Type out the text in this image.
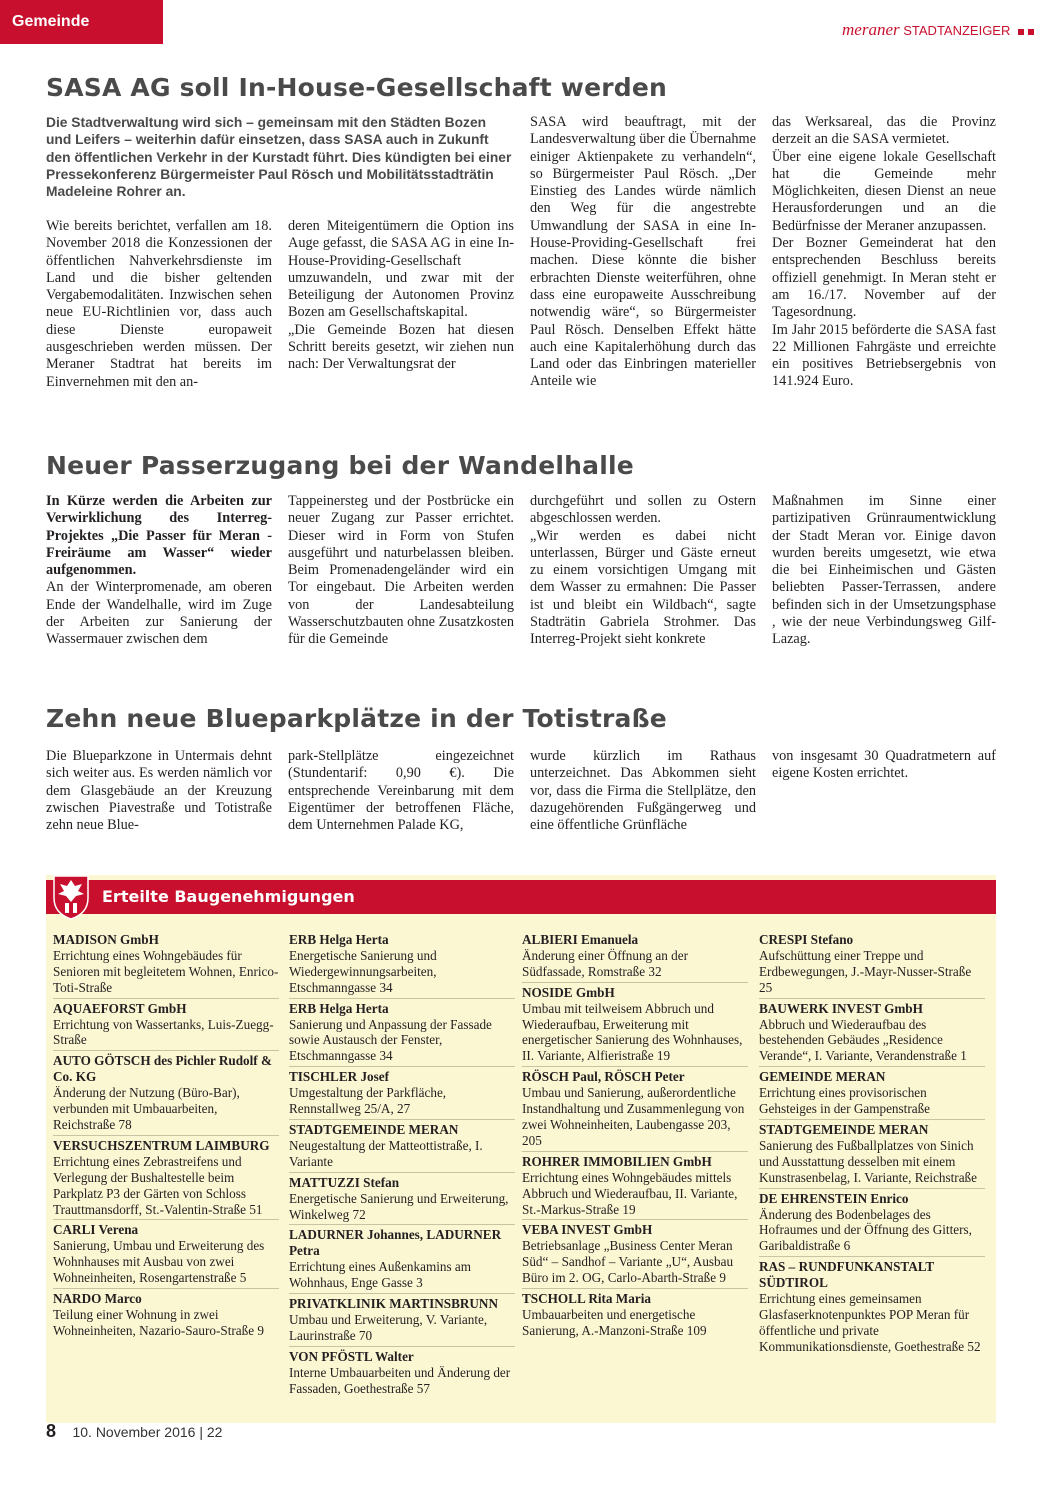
Gemeinde	meraner STADTANZEIGER
SASA AG soll In-House-Gesellschaft werden
Die Stadtverwaltung wird sich – gemeinsam mit den Städten Bozen und Leifers – weiterhin dafür einsetzen, dass SASA auch in Zukunft den öffentlichen Verkehr in der Kurstadt führt. Dies kündigten bei einer Pressekonferenz Bürgermeister Paul Rösch und Mobilitätsstadträtin Madeleine Rohrer an.

Wie bereits berichtet, verfallen am 18. November 2018 die Konzessionen der öffentlichen Nahverkehrsdienste im Land und die bisher geltenden Vergabemodalitäten. Inzwischen sehen neue EU-Richtlinien vor, dass auch diese Dienste europaweit ausgeschrieben werden müssen. Der Meraner Stadtrat hat bereits im Einvernehmen mit den an-

deren Miteigentümern die Option ins Auge gefasst, die SASA AG in eine In-House-Providing-Gesellschaft umzuwandeln, und zwar mit der Beteiligung der Autonomen Provinz Bozen am Gesellschaftskapital.

„Die Gemeinde Bozen hat diesen Schritt bereits gesetzt, wir ziehen nun nach: Der Verwaltungsrat der

SASA wird beauftragt, mit der Landesverwaltung über die Übernahme einiger Aktienpakete zu verhandeln“, so Bürgermeister Paul Rösch. „Der Einstieg des Landes würde nämlich den Weg für die angestrebte Umwandlung der SASA in eine In-House-Providing-Gesellschaft frei machen. Diese könnte die bisher erbrachten Dienste weiterführen, ohne dass eine europaweite Ausschreibung notwendig wäre“, so Bürgermeister Paul Rösch. Denselben Effekt hätte auch eine Kapitalerhöhung durch das Land oder das Einbringen materieller Anteile wie

das Werksareal, das die Provinz derzeit an die SASA vermietet.

Über eine eigene lokale Gesellschaft hat die Gemeinde mehr Möglichkeiten, diesen Dienst an neue Herausforderungen und an die Bedürfnisse der Meraner anzupassen.

Der Bozner Gemeinderat hat den entsprechenden Beschluss bereits offiziell genehmigt. In Meran steht er am 16./17. November auf der Tagesordnung.

Im Jahr 2015 beförderte die SASA fast 22 Millionen Fahrgäste und erreichte ein positives Betriebsergebnis von 141.924 Euro.

Neuer Passerzugang bei der Wandelhalle

In Kürze werden die Arbeiten zur Verwirklichung des Interreg-Projektes „Die Passer für Meran - Freiräume am Wasser“ wieder aufgenommen.

An der Winterpromenade, am oberen Ende der Wandelhalle, wird im Zuge der Arbeiten zur Sanierung der Wassermauer zwischen dem

Tappeinersteg und der Postbrücke ein neuer Zugang zur Passer errichtet. Dieser wird in Form von Stufen ausgeführt und naturbelassen bleiben. Beim Promenadengeländer wird ein Tor eingebaut. Die Arbeiten werden von der Landesabteilung Wasserschutzbauten ohne Zusatzkosten für die Gemeinde

durchgeführt und sollen zu Ostern abgeschlossen werden.

„Wir werden es dabei nicht unterlassen, Bürger und Gäste erneut zu einem vorsichtigen Umgang mit dem Wasser zu ermahnen: Die Passer ist und bleibt ein Wildbach“, sagte Stadträtin Gabriela Strohmer. Das Interreg-Projekt sieht konkrete

Maßnahmen im Sinne einer partizipativen Grünraumentwicklung der Stadt Meran vor. Einige davon wurden bereits umgesetzt, wie etwa die bei Einheimischen und Gästen beliebten Passer-Terrassen, andere befinden sich in der Umsetzungsphase , wie der neue Verbindungsweg Gilf-Lazag.

Zehn neue Blueparkplätze in der Totistraße

Die Blueparkzone in Untermais dehnt sich weiter aus. Es werden nämlich vor dem Glasgebäude an der Kreuzung zwischen Piavestraße und Totistraße zehn neue Blue-

park-Stellplätze eingezeichnet (Stundentarif: 0,90 €). Die entsprechende Vereinbarung mit dem Eigentümer der betroffenen Fläche, dem Unternehmen Palade KG,

wurde kürzlich im Rathaus unterzeichnet. Das Abkommen sieht vor, dass die Firma die Stellplätze, den dazugehörenden Fußgängerweg und eine öffentliche Grünfläche

von insgesamt 30 Quadratmetern auf eigene Kosten errichtet.

Erteilte Baugenehmigungen
MADISON GmbH
Errichtung eines Wohngebäudes für Senioren mit begleitetem Wohnen, Enrico-Toti-Straße
AQUAEFORST GmbH
Errichtung von Wassertanks, Luis-Zuegg-Straße
AUTO GÖTSCH des Pichler Rudolf & Co. KG
Änderung der Nutzung (Büro-Bar), verbunden mit Umbauarbeiten, Reichstraße 78
VERSUCHSZENTRUM LAIMBURG
Errichtung eines Zebrastreifens und Verlegung der Bushaltestelle beim Parkplatz P3 der Gärten von Schloss Trauttmansdorff, St.-Valentin-Straße 51
CARLI Verena
Sanierung, Umbau und Erweiterung des Wohnhauses mit Ausbau von zwei Wohneinheiten, Rosengartenstraße 5
NARDO Marco
Teilung einer Wohnung in zwei Wohneinheiten, Nazario-Sauro-Straße 9
ERB Helga Herta
Energetische Sanierung und Wiedergewinnungsarbeiten, Etschmanngasse 34
ERB Helga Herta
Sanierung und Anpassung der Fassade sowie Austausch der Fenster, Etschmanngasse 34
TISCHLER Josef
Umgestaltung der Parkfläche, Rennstallweg 25/A, 27
STADTGEMEINDE MERAN
Neugestaltung der Matteottistraße, I. Variante
MATTUZZI Stefan
Energetische Sanierung und Erweiterung, Winkelweg 72
LADURNER Johannes, LADURNER Petra
Errichtung eines Außenkamins am Wohnhaus, Enge Gasse 3
PRIVATKLINIK MARTINSBRUNN
Umbau und Erweiterung, V. Variante, Laurinstraße 70
VON PFÖSTL Walter
Interne Umbauarbeiten und Änderung der Fassaden, Goethestraße 57
ALBIERI Emanuela
Änderung einer Öffnung an der Südfassade, Romstraße 32
NOSIDE GmbH
Umbau mit teilweisem Abbruch und Wiederaufbau, Erweiterung mit energetischer Sanierung des Wohnhauses, II. Variante, Alfieristraße 19
RÖSCH Paul, RÖSCH Peter
Umbau und Sanierung, außerordentliche Instandhaltung und Zusammenlegung von zwei Wohneinheiten, Laubengasse 203, 205
ROHRER IMMOBILIEN GmbH
Errichtung eines Wohngebäudes mittels Abbruch und Wiederaufbau, II. Variante, St.-Markus-Straße 19
VEBA INVEST GmbH
Betriebsanlage „Business Center Meran Süd“ – Sandhof – Variante „U“, Ausbau Büro im 2. OG, Carlo-Abarth-Straße 9
TSCHOLL Rita Maria
Umbauarbeiten und energetische Sanierung, A.-Manzoni-Straße 109
CRESPI Stefano
Aufschüttung einer Treppe und Erdbewegungen, J.-Mayr-Nusser-Straße 25
BAUWERK INVEST GmbH
Abbruch und Wiederaufbau des bestehenden Gebäudes „Residence Verande“, I. Variante, Verandenstraße 1
GEMEINDE MERAN
Errichtung eines provisorischen Gehsteiges in der Gampenstraße
STADTGEMEINDE MERAN
Sanierung des Fußballplatzes von Sinich und Ausstattung desselben mit einem Kunstrasenbelag, I. Variante, Reichstraße
DE EHRENSTEIN Enrico
Änderung des Bodenbelages des Hofraumes und der Öffnung des Gitters, Garibaldistraße 6
RAS – RUNDFUNKANSTALT SÜDTIROL
Errichtung eines gemeinsamen Glasfaserknotenpunktes POP Meran für öffentliche und private Kommunikationsdienste, Goethestraße 52
8 10. November 2016 | 22
